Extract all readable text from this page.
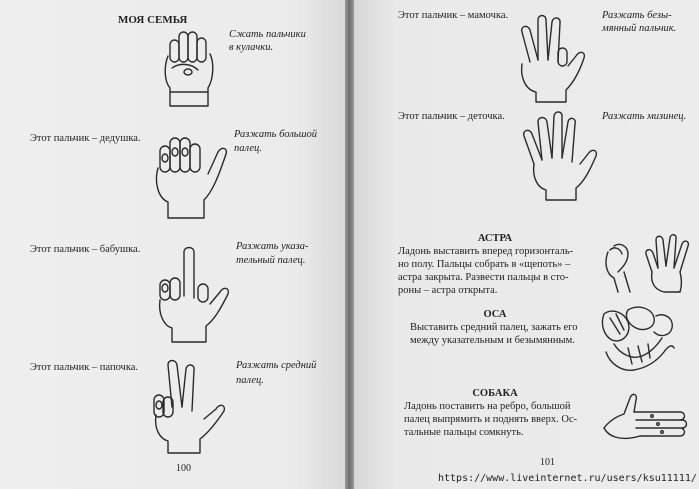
МОЯ СЕМЬЯ
Сжать пальчики
в кулачки.
Этот пальчик – дедушка.	Разжать большой
палец.
Этот пальчик – бабушка.	Разжать указа-
тельный палец.
Этот пальчик – папочка.	Разжать средний
палец.
100
Этот пальчик – мамочка.	Разжать безы-
мянный пальчик.
Этот пальчик – деточка.	Разжать мизинец.
АСТРА
Ладонь выставить вперед горизонталь-
но полу. Пальцы собрать в «щепоть» –
астра закрыта. Развести пальцы в сто-
роны – астра открыта.
ОСА
Выставить средний палец, зажать его
между указательным и безымянным.
СОБАКА
Ладонь поставить на ребро, большой
палец выпрямить и поднять вверх. Ос-
тальные пальцы сомкнуть.
101
https://www.liveinternet.ru/users/ksu11111/
